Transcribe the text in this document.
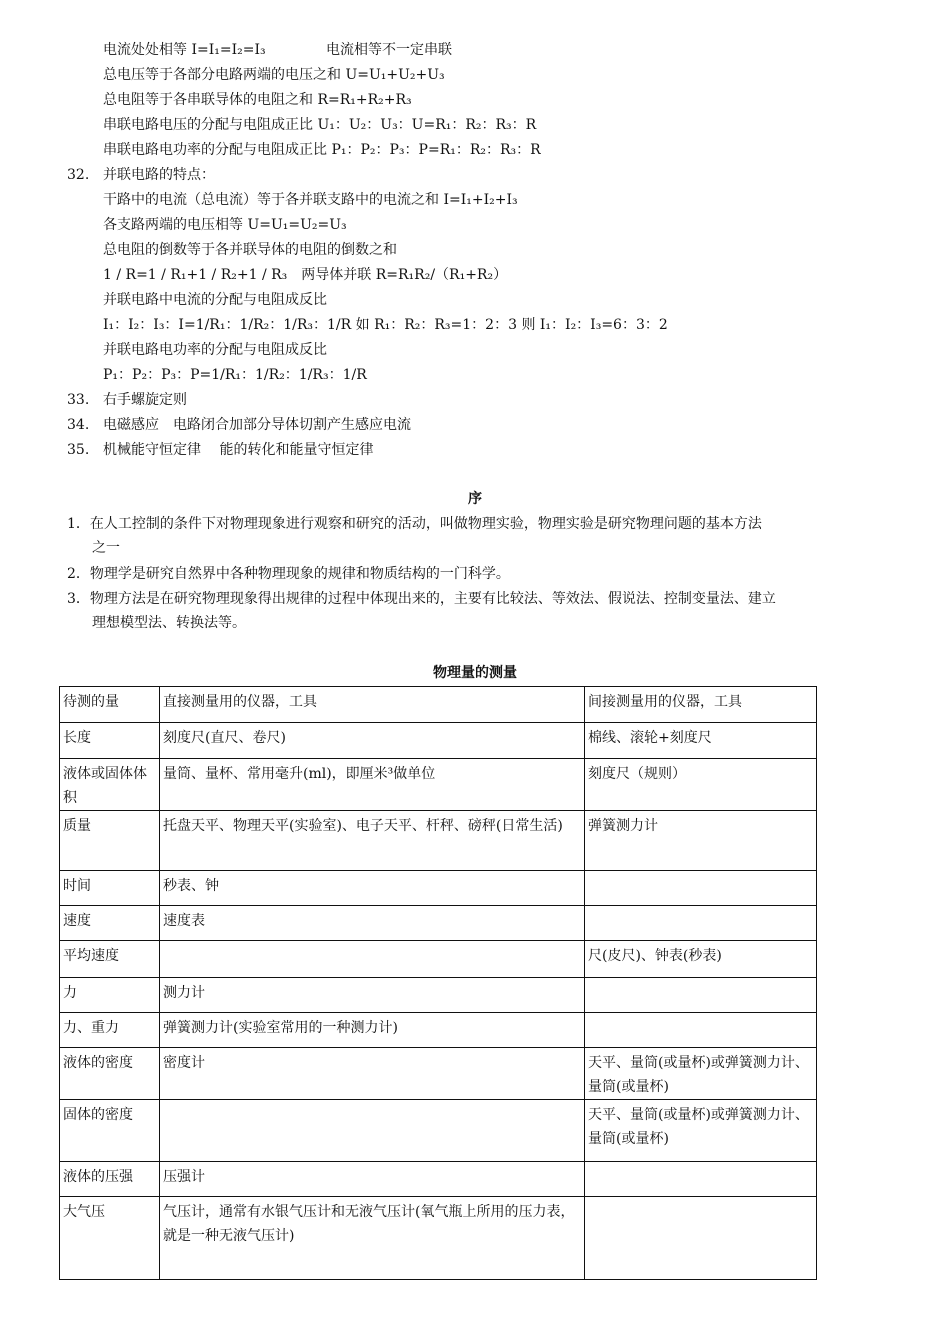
电流处处相等 I=I₁=I₂=I₃　　　　 电流相等不一定串联
总电压等于各部分电路两端的电压之和 U=U₁+U₂+U₃
总电阻等于各串联导体的电阻之和 R=R₁+R₂+R₃
串联电路电压的分配与电阻成正比 U₁：U₂：U₃：U=R₁：R₂：R₃：R
串联电路电功率的分配与电阻成正比 P₁：P₂：P₃：P=R₁：R₂：R₃：R
32. 并联电路的特点：
干路中的电流（总电流）等于各并联支路中的电流之和 I=I₁+I₂+I₃
各支路两端的电压相等 U=U₁=U₂=U₃
总电阻的倒数等于各并联导体的电阻的倒数之和
1 / R=1 / R₁+1 / R₂+1 / R₃　两导体并联 R=R₁R₂/（R₁+R₂）
并联电路中电流的分配与电阻成反比
I₁：I₂：I₃：I=1/R₁：1/R₂：1/R₃：1/R 如 R₁：R₂：R₃=1：2：3 则 I₁：I₂：I₃=6：3：2
并联电路电功率的分配与电阻成反比
P₁：P₂：P₃：P=1/R₁：1/R₂：1/R₃：1/R
33. 右手螺旋定则
34. 电磁感应　电路闭合加部分导体切割产生感应电流
35. 机械能守恒定律　 能的转化和能量守恒定律
序
1．在人工控制的条件下对物理现象进行观察和研究的活动，叫做物理实验，物理实验是研究物理问题的基本方法
之一
2．物理学是研究自然界中各种物理现象的规律和物质结构的一门科学。
3．物理方法是在研究物理现象得出规律的过程中体现出来的，主要有比较法、等效法、假说法、控制变量法、建立
理想模型法、转换法等。
物理量的测量
待测的量	直接测量用的仪器，工具	间接测量用的仪器，工具
长度	刻度尺(直尺、卷尺)	棉线、滚轮+刻度尺
液体或固体体积	量筒、量杯、常用毫升(ml)，即厘米³做单位	刻度尺（规则）
质量	托盘天平、物理天平(实验室)、电子天平、杆秤、磅秤(日常生活)	弹簧测力计
时间	秒表、钟	
速度	速度表	
平均速度		尺(皮尺)、钟表(秒表)
力	测力计	
力、重力	弹簧测力计(实验室常用的一种测力计)	
液体的密度	密度计	天平、量筒(或量杯)或弹簧测力计、量筒(或量杯)
固体的密度		天平、量筒(或量杯)或弹簧测力计、量筒(或量杯)
液体的压强	压强计	
大气压	气压计，通常有水银气压计和无液气压计(氧气瓶上所用的压力表，就是一种无液气压计)	
